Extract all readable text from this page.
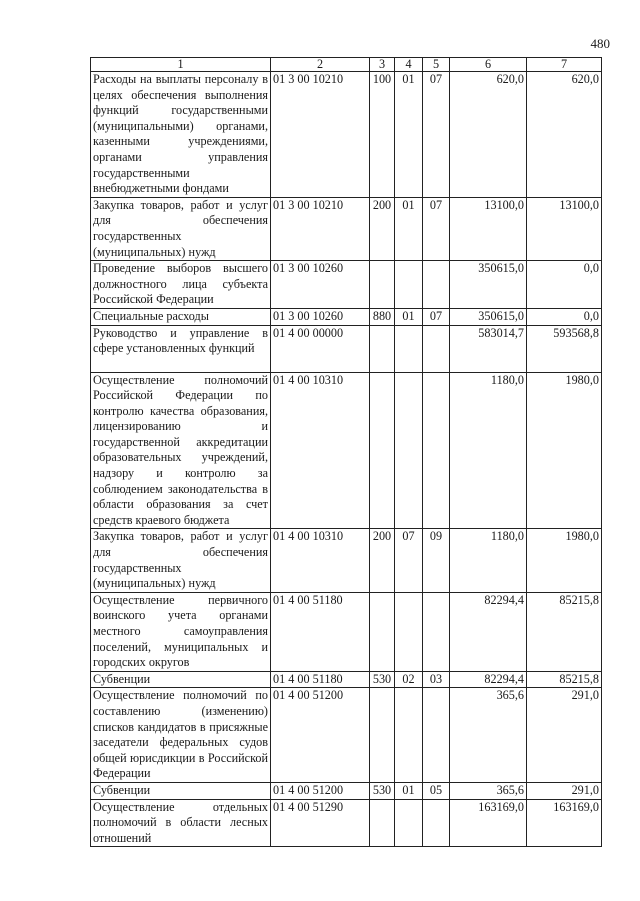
480
1	2	3	4	5	6	7
Расходы на выплаты персоналу в целях обеспечения выполнения функций государственными (муниципальными) органами, казенными учреждениями, органами управления государственными внебюджетными фондами	01 3 00 10210	100	01	07	620,0	620,0
Закупка товаров, работ и услуг для обеспечения государственных (муниципальных) нужд	01 3 00 10210	200	01	07	13100,0	13100,0
Проведение выборов высшего должностного лица субъекта Российской Федерации	01 3 00 10260				350615,0	0,0
Специальные расходы	01 3 00 10260	880	01	07	350615,0	0,0
Руководство и управление в сфере установленных функций	01 4 00 00000				583014,7	593568,8
Осуществление полномочий Российской Федерации по контролю качества образования, лицензированию и государственной аккредитации образовательных учреждений, надзору и контролю за соблюдением законодательства в области образования за счет средств краевого бюджета	01 4 00 10310				1180,0	1980,0
Закупка товаров, работ и услуг для обеспечения государственных (муниципальных) нужд	01 4 00 10310	200	07	09	1180,0	1980,0
Осуществление первичного воинского учета органами местного самоуправления поселений, муниципальных и городских округов	01 4 00 51180				82294,4	85215,8
Субвенции	01 4 00 51180	530	02	03	82294,4	85215,8
Осуществление полномочий по составлению (изменению) списков кандидатов в присяжные заседатели федеральных судов общей юрисдикции в Российской Федерации	01 4 00 51200				365,6	291,0
Субвенции	01 4 00 51200	530	01	05	365,6	291,0
Осуществление отдельных полномочий в области лесных отношений	01 4 00 51290				163169,0	163169,0
